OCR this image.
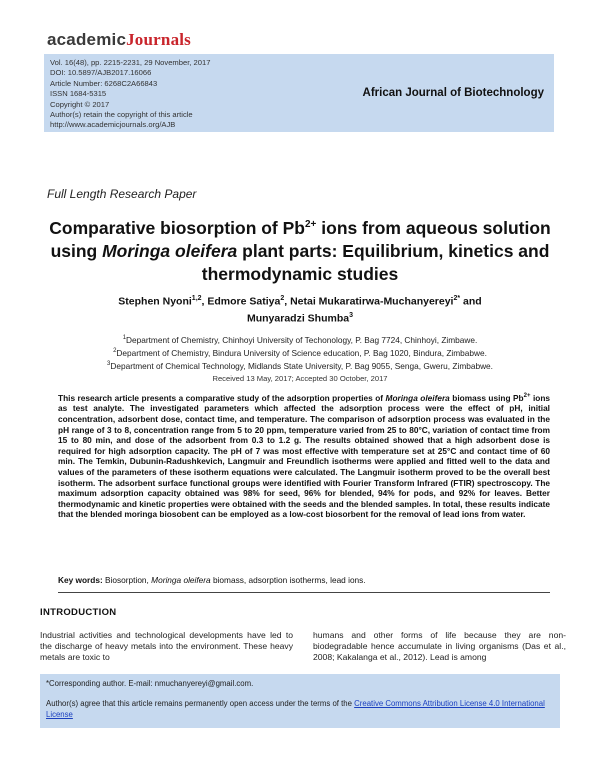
academicJournals
Vol. 16(48), pp. 2215-2231, 29 November, 2017
DOI: 10.5897/AJB2017.16066
Article Number: 6268C2A66843
ISSN 1684-5315
Copyright © 2017
Author(s) retain the copyright of this article
http://www.academicjournals.org/AJB
African Journal of Biotechnology
Full Length Research Paper
Comparative biosorption of $Pb^{2+}$ ions from aqueous solution using Moringa oleifera plant parts: Equilibrium, kinetics and thermodynamic studies
Stephen Nyoni$^{1,2}$, Edmore Satiya$^2$, Netai Mukaratirwa-Muchanyereyi$^{2*}$ and
Munyaradzi Shumba$^3$
$^1$Department of Chemistry, Chinhoyi University of Techonology, P. Bag 7724, Chinhoyi, Zimbawe.
$^2$Department of Chemistry, Bindura University of Science education, P. Bag 1020, Bindura, Zimbabwe.
$^3$Department of Chemical Technology, Midlands State University, P. Bag 9055, Senga, Gweru, Zimbabwe.
Received 13 May, 2017; Accepted 30 October, 2017
This research article presents a comparative study of the adsorption properties of Moringa oleifera biomass using $Pb^{2+}$ ions as test analyte. The investigated parameters which affected the adsorption process were the effect of pH, initial concentration, adsorbent dose, contact time, and temperature. The comparison of adsorption process was evaluated in the pH range of 3 to 8, concentration range from 5 to 20 ppm, temperature varied from 25 to 80°C, variation of contact time from 15 to 80 min, and dose of the adsorbent from 0.3 to 1.2 g. The results obtained showed that a high adsorbent dose is required for high adsorption capacity. The pH of 7 was most effective with temperature set at 25°C and contact time of 60 min. The Temkin, Dubunin-Radushkevich, Langmuir and Freundlich isotherms were applied and fitted well to the data and values of the parameters of these isotherm equations were calculated. The Langmuir isotherm proved to be the overall best isotherm. The adsorbent surface functional groups were identified with Fourier Transform Infrared (FTIR) spectroscopy. The maximum adsorption capacity obtained was 98% for seed, 96% for blended, 94% for pods, and 92% for leaves. Better thermodynamic and kinetic properties were obtained with the seeds and the blended samples. In total, these results indicate that the blended moringa biosobent can be employed as a low-cost biosorbent for the removal of lead ions from water.
Key words: Biosorption, Moringa oleifera biomass, adsorption isotherms, lead ions.
INTRODUCTION
Industrial activities and technological developments have led to the discharge of heavy metals into the environment. These heavy metals are toxic to
humans and other forms of life because they are non-biodegradable hence accumulate in living organisms (Das et al., 2008; Kakalanga et al., 2012). Lead is among
*Corresponding author. E-mail: nmuchanyereyi@gmail.com.
Author(s) agree that this article remains permanently open access under the terms of the Creative Commons Attribution License 4.0 International License
